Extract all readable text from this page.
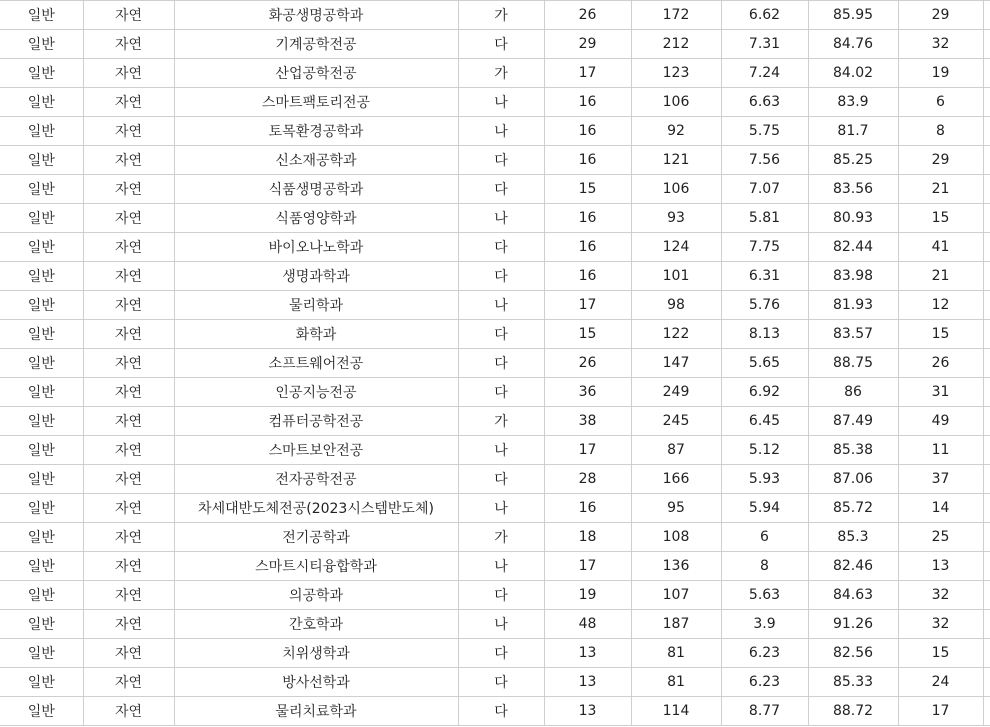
일반	자연	화공생명공학과	가	26	172	6.62	85.95	29	
일반	자연	기계공학전공	다	29	212	7.31	84.76	32	
일반	자연	산업공학전공	가	17	123	7.24	84.02	19	
일반	자연	스마트팩토리전공	나	16	106	6.63	83.9	6	
일반	자연	토목환경공학과	나	16	92	5.75	81.7	8	
일반	자연	신소재공학과	다	16	121	7.56	85.25	29	
일반	자연	식품생명공학과	다	15	106	7.07	83.56	21	
일반	자연	식품영양학과	나	16	93	5.81	80.93	15	
일반	자연	바이오나노학과	다	16	124	7.75	82.44	41	
일반	자연	생명과학과	다	16	101	6.31	83.98	21	
일반	자연	물리학과	나	17	98	5.76	81.93	12	
일반	자연	화학과	다	15	122	8.13	83.57	15	
일반	자연	소프트웨어전공	다	26	147	5.65	88.75	26	
일반	자연	인공지능전공	다	36	249	6.92	86	31	
일반	자연	컴퓨터공학전공	가	38	245	6.45	87.49	49	
일반	자연	스마트보안전공	나	17	87	5.12	85.38	11	
일반	자연	전자공학전공	다	28	166	5.93	87.06	37	
일반	자연	차세대반도체전공(2023시스템반도체)	나	16	95	5.94	85.72	14	
일반	자연	전기공학과	가	18	108	6	85.3	25	
일반	자연	스마트시티융합학과	나	17	136	8	82.46	13	
일반	자연	의공학과	다	19	107	5.63	84.63	32	
일반	자연	간호학과	나	48	187	3.9	91.26	32	
일반	자연	치위생학과	다	13	81	6.23	82.56	15	
일반	자연	방사선학과	다	13	81	6.23	85.33	24	
일반	자연	물리치료학과	다	13	114	8.77	88.72	17	
